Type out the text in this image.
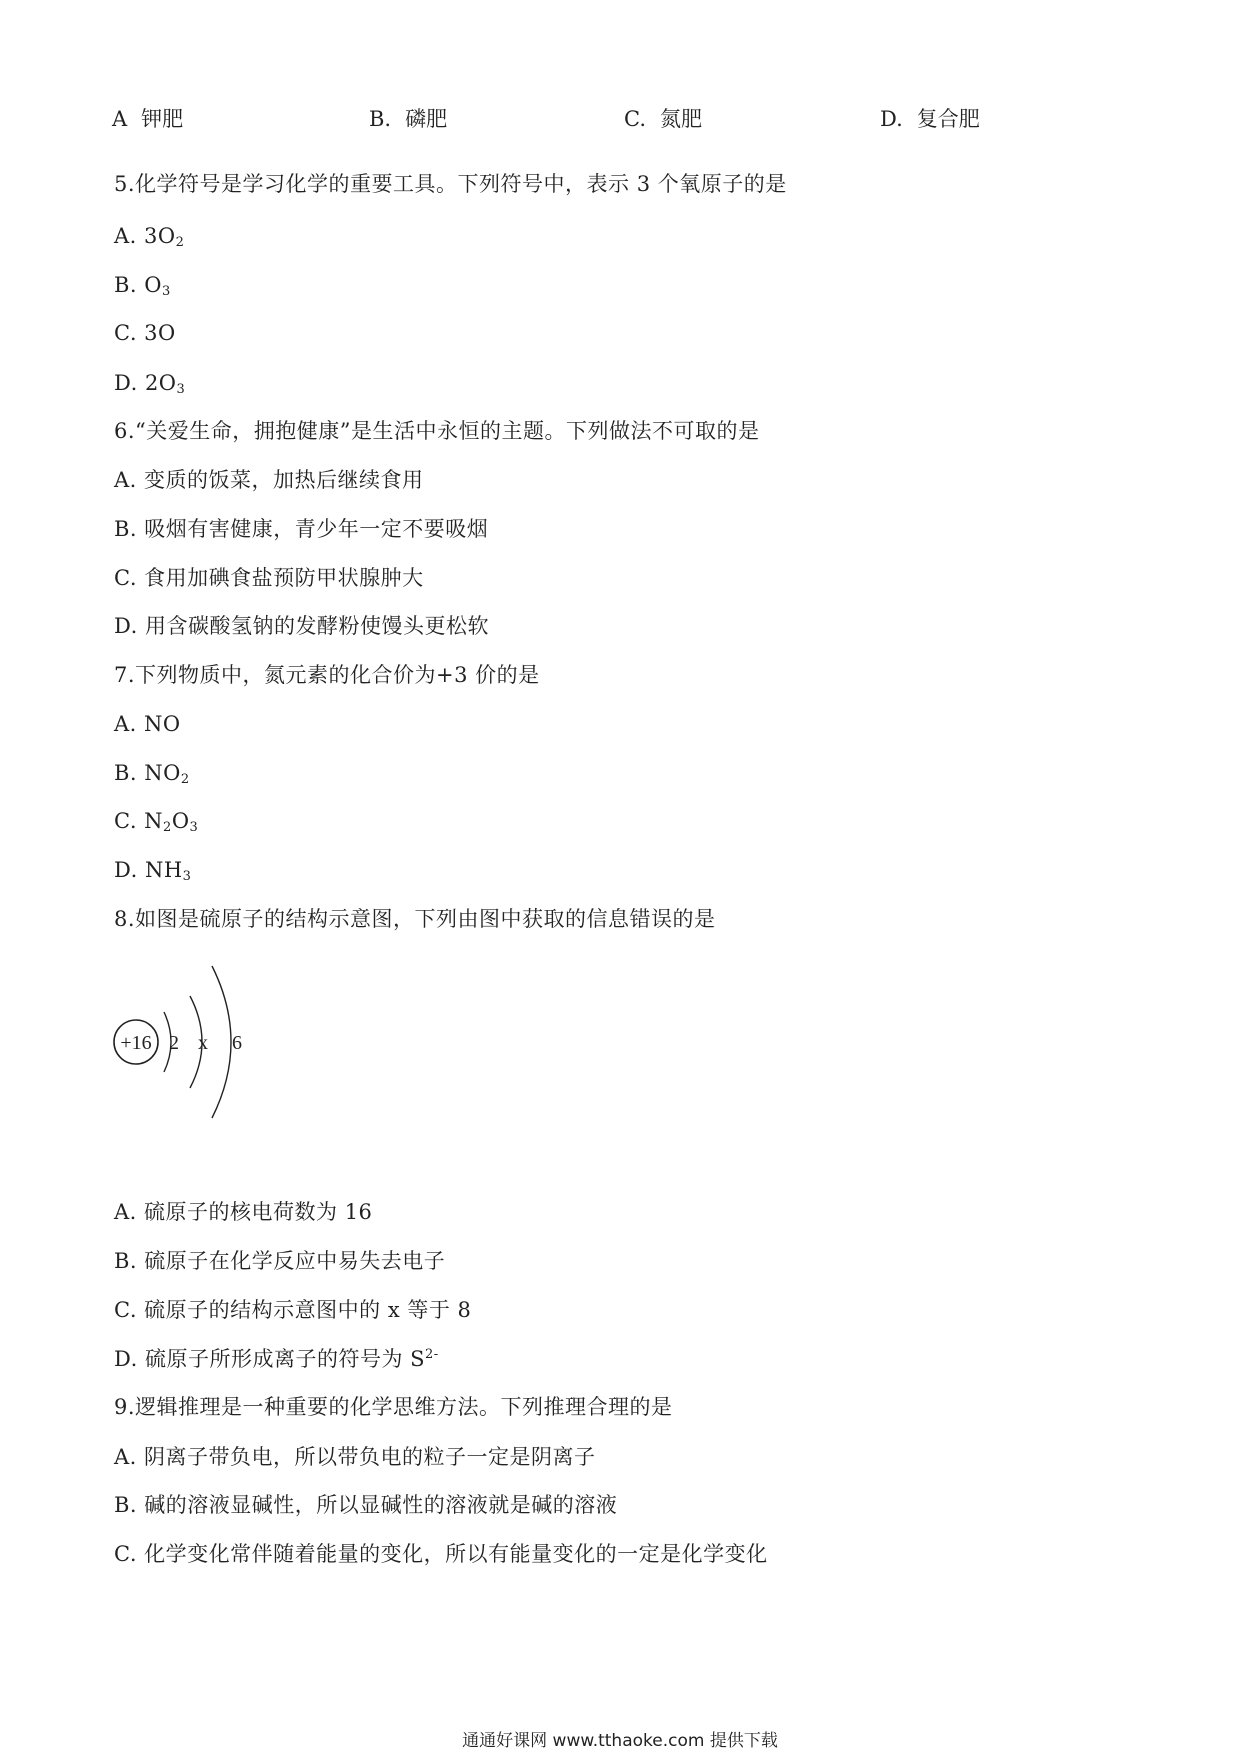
A 钾肥	B. 磷肥	C. 氮肥	D. 复合肥
5.化学符号是学习化学的重要工具。下列符号中，表示 3 个氧原子的是
A. $3O_2$
B. $O_3$
C. 3O
D. $2O_3$
6.“关爱生命，拥抱健康”是生活中永恒的主题。下列做法不可取的是
A. 变质的饭菜，加热后继续食用
B. 吸烟有害健康，青少年一定不要吸烟
C. 食用加碘食盐预防甲状腺肿大
D. 用含碳酸氢钠的发酵粉使馒头更松软
7.下列物质中，氮元素的化合价为+3 价的是
A. NO
B. $NO_2$
C. $N_2O_3$
D. $NH_3$
8.如图是硫原子的结构示意图，下列由图中获取的信息错误的是
+16 2 x 6
A. 硫原子的核电荷数为 16
B. 硫原子在化学反应中易失去电子
C. 硫原子的结构示意图中的 x 等于 8
D. 硫原子所形成离子的符号为 $S^{2-}$
9.逻辑推理是一种重要的化学思维方法。下列推理合理的是
A. 阴离子带负电，所以带负电的粒子一定是阴离子
B. 碱的溶液显碱性，所以显碱性的溶液就是碱的溶液
C. 化学变化常伴随着能量的变化，所以有能量变化的一定是化学变化
通通好课网 www.tthaoke.com 提供下载
